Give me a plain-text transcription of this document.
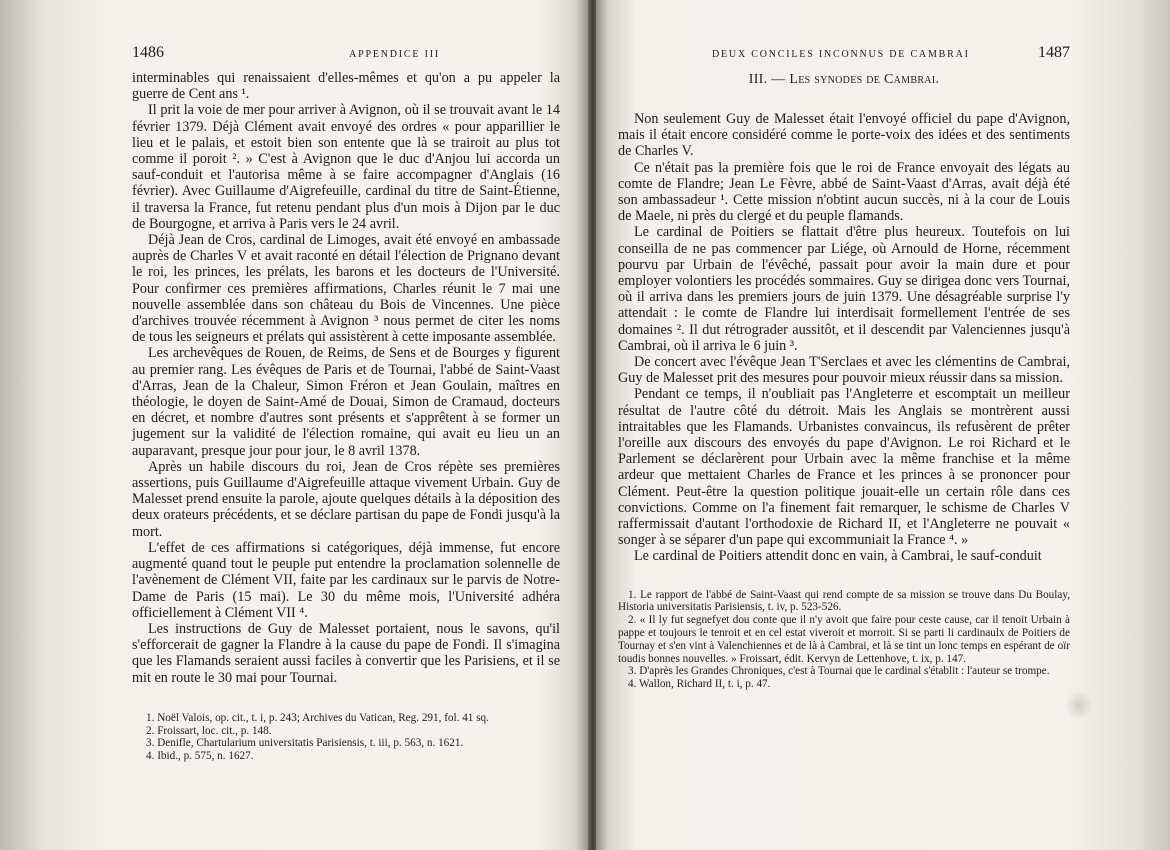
1486	APPENDICE III

interminables qui renaissaient d'elles-mêmes et qu'on a pu appeler la guerre de Cent ans ¹.

Il prit la voie de mer pour arriver à Avignon, où il se trouvait avant le 14 février 1379. Déjà Clément avait envoyé des ordres « pour apparillier le lieu et le palais, et estoit bien son entente que là se trairoit au plus tot comme il poroit ². » C'est à Avignon que le duc d'Anjou lui accorda un sauf-conduit et l'autorisa même à se faire accompagner d'Anglais (16 février). Avec Guillaume d'Aigrefeuille, cardinal du titre de Saint-Étienne, il traversa la France, fut retenu pendant plus d'un mois à Dijon par le duc de Bourgogne, et arriva à Paris vers le 24 avril.

Déjà Jean de Cros, cardinal de Limoges, avait été envoyé en ambassade auprès de Charles V et avait raconté en détail l'élection de Prignano devant le roi, les princes, les prélats, les barons et les docteurs de l'Université. Pour confirmer ces premières affirmations, Charles réunit le 7 mai une nouvelle assemblée dans son château du Bois de Vincennes. Une pièce d'archives trouvée récemment à Avignon ³ nous permet de citer les noms de tous les seigneurs et prélats qui assistèrent à cette imposante assemblée.

Les archevêques de Rouen, de Reims, de Sens et de Bourges y figurent au premier rang. Les évêques de Paris et de Tournai, l'abbé de Saint-Vaast d'Arras, Jean de la Chaleur, Simon Fréron et Jean Goulain, maîtres en théologie, le doyen de Saint-Amé de Douai, Simon de Cramaud, docteurs en décret, et nombre d'autres sont présents et s'apprêtent à se former un jugement sur la validité de l'élection romaine, qui avait eu lieu un an auparavant, presque jour pour jour, le 8 avril 1378.

Après un habile discours du roi, Jean de Cros répète ses premières assertions, puis Guillaume d'Aigrefeuille attaque vivement Urbain. Guy de Malesset prend ensuite la parole, ajoute quelques détails à la déposition des deux orateurs précédents, et se déclare partisan du pape de Fondi jusqu'à la mort.

L'effet de ces affirmations si catégoriques, déjà immense, fut encore augmenté quand tout le peuple put entendre la proclamation solennelle de l'avènement de Clément VII, faite par les cardinaux sur le parvis de Notre-Dame de Paris (15 mai). Le 30 du même mois, l'Université adhéra officiellement à Clément VII ⁴.

Les instructions de Guy de Malesset portaient, nous le savons, qu'il s'efforcerait de gagner la Flandre à la cause du pape de Fondi. Il s'imagina que les Flamands seraient aussi faciles à convertir que les Parisiens, et il se mit en route le 30 mai pour Tournai.

1. Noël Valois, op. cit., t. i, p. 243; Archives du Vatican, Reg. 291, fol. 41 sq.

2. Froissart, loc. cit., p. 148.

3. Denifle, Chartularium universitatis Parisiensis, t. iii, p. 563, n. 1621.

4. Ibid., p. 575, n. 1627.

DEUX CONCILES INCONNUS DE CAMBRAI	1487
III. — Les synodes de Cambrai.

Non seulement Guy de Malesset était l'envoyé officiel du pape d'Avignon, mais il était encore considéré comme le porte-voix des idées et des sentiments de Charles V.

Ce n'était pas la première fois que le roi de France envoyait des légats au comte de Flandre; Jean Le Fèvre, abbé de Saint-Vaast d'Arras, avait déjà été son ambassadeur ¹. Cette mission n'obtint aucun succès, ni à la cour de Louis de Maele, ni près du clergé et du peuple flamands.

Le cardinal de Poitiers se flattait d'être plus heureux. Toutefois on lui conseilla de ne pas commencer par Liége, où Arnould de Horne, récemment pourvu par Urbain de l'évêché, passait pour avoir la main dure et pour employer volontiers les procédés sommaires. Guy se dirigea donc vers Tournai, où il arriva dans les premiers jours de juin 1379. Une désagréable surprise l'y attendait : le comte de Flandre lui interdisait formellement l'entrée de ses domaines ². Il dut rétrograder aussitôt, et il descendit par Valenciennes jusqu'à Cambrai, où il arriva le 6 juin ³.

De concert avec l'évêque Jean T'Serclaes et avec les clémentins de Cambrai, Guy de Malesset prit des mesures pour pouvoir mieux réussir dans sa mission.

Pendant ce temps, il n'oubliait pas l'Angleterre et escomptait un meilleur résultat de l'autre côté du détroit. Mais les Anglais se montrèrent aussi intraitables que les Flamands. Urbanistes convaincus, ils refusèrent de prêter l'oreille aux discours des envoyés du pape d'Avignon. Le roi Richard et le Parlement se déclarèrent pour Urbain avec la même franchise et la même ardeur que mettaient Charles de France et les princes à se prononcer pour Clément. Peut-être la question politique jouait-elle un certain rôle dans ces convictions. Comme on l'a finement fait remarquer, le schisme de Charles V raffermissait d'autant l'orthodoxie de Richard II, et l'Angleterre ne pouvait « songer à se séparer d'un pape qui excommuniait la France ⁴. »

Le cardinal de Poitiers attendit donc en vain, à Cambrai, le sauf-conduit

1. Le rapport de l'abbé de Saint-Vaast qui rend compte de sa mission se trouve dans Du Boulay, Historia universitatis Parisiensis, t. iv, p. 523-526.

2. « Il ly fut segnefyet dou conte que il n'y avoit que faire pour ceste cause, car il tenoit Urbain à pappe et toujours le tenroit et en cel estat viveroit et morroit. Si se parti li cardinaulx de Poitiers de Tournay et s'en vint à Valenchiennes et de là à Cambrai, et là se tint un lonc temps en espérant de oïr toudis bonnes nouvelles. » Froissart, édit. Kervyn de Lettenhove, t. ix, p. 147.

3. D'après les Grandes Chroniques, c'est à Tournai que le cardinal s'établit : l'auteur se trompe.

4. Wallon, Richard II, t. i, p. 47.
